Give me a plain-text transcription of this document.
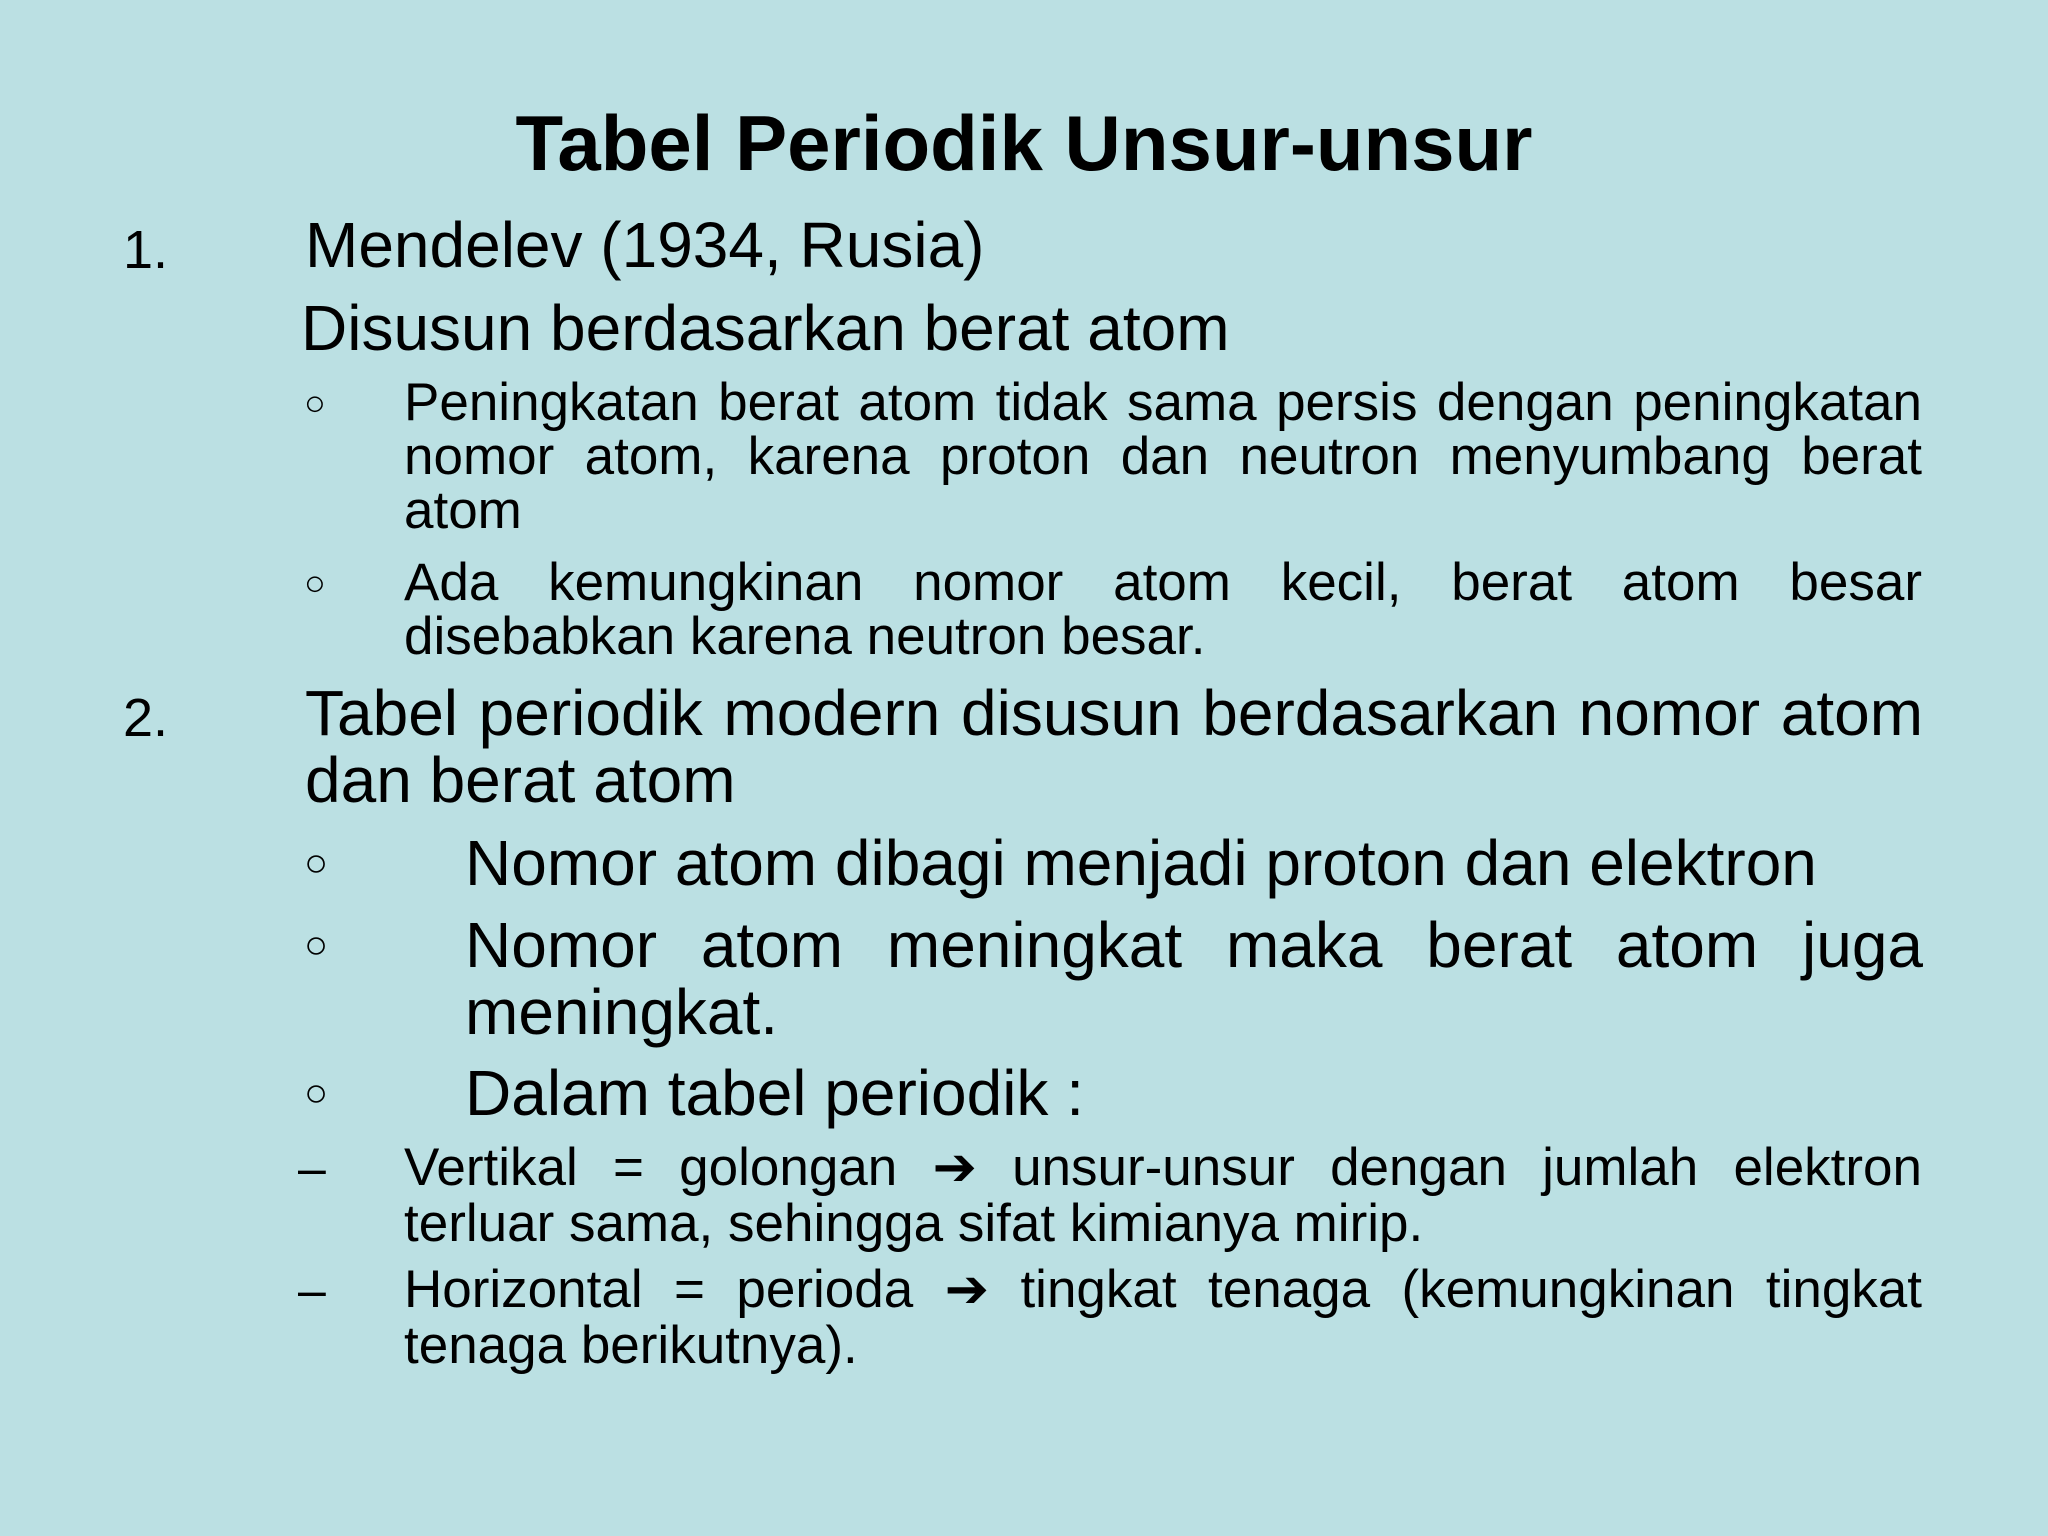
Tabel Periodik Unsur-unsur
1. Mendelev (1934, Rusia)
Disusun berdasarkan berat atom
○ Peningkatan berat atom tidak sama persis dengan peningkatan nomor atom, karena proton dan neutron menyumbang berat atom
○ Ada kemungkinan nomor atom kecil, berat atom besar disebabkan karena neutron besar.
2. Tabel periodik modern disusun berdasarkan nomor atom dan berat atom
○ Nomor atom dibagi menjadi proton dan elektron
○ Nomor atom meningkat maka berat atom juga meningkat.
○ Dalam tabel periodik :
– Vertikal = golongan ➔ unsur-unsur dengan jumlah elektron terluar sama, sehingga sifat kimianya mirip.
– Horizontal = perioda ➔ tingkat tenaga (kemungkinan tingkat tenaga berikutnya).
